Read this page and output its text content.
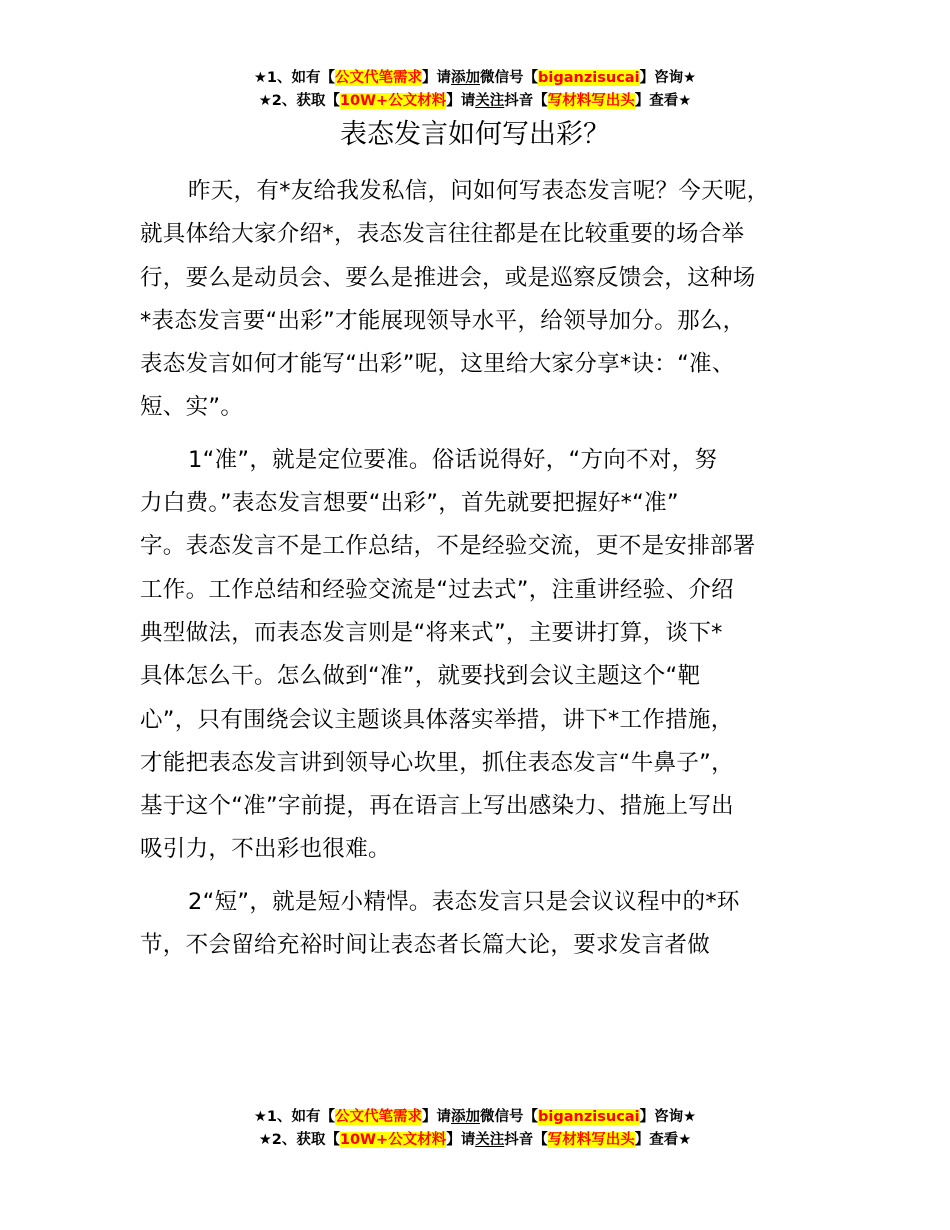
★1、如有【公文代笔需求】请添加微信号【biganzisucai】咨询★
★2、获取【10W+公文材料】请关注抖音【写材料写出头】查看★
表态发言如何写出彩？
昨天，有*友给我发私信，问如何写表态发言呢？今天呢，
就具体给大家介绍*，表态发言往往都是在比较重要的场合举
行，要么是动员会、要么是推进会，或是巡察反馈会，这种场
*表态发言要“出彩”才能展现领导水平，给领导加分。那么，
表态发言如何才能写“出彩”呢，这里给大家分享*诀：“准、
短、实”。
1“准”，就是定位要准。俗话说得好，“方向不对，努
力白费。”表态发言想要“出彩”，首先就要把握好*“准”
字。表态发言不是工作总结，不是经验交流，更不是安排部署
工作。工作总结和经验交流是“过去式”，注重讲经验、介绍
典型做法，而表态发言则是“将来式”，主要讲打算，谈下*
具体怎么干。怎么做到“准”，就要找到会议主题这个“靶
心”，只有围绕会议主题谈具体落实举措，讲下*工作措施，
才能把表态发言讲到领导心坎里，抓住表态发言“牛鼻子”，
基于这个“准”字前提，再在语言上写出感染力、措施上写出
吸引力，不出彩也很难。
2“短”，就是短小精悍。表态发言只是会议议程中的*环
节，不会留给充裕时间让表态者长篇大论，要求发言者做
★1、如有【公文代笔需求】请添加微信号【biganzisucai】咨询★
★2、获取【10W+公文材料】请关注抖音【写材料写出头】查看★
